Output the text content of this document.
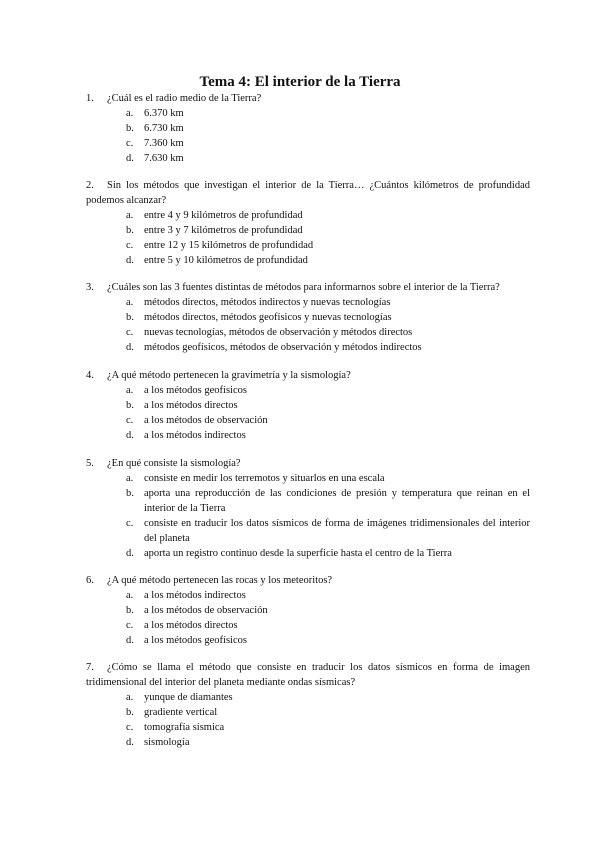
Tema 4: El interior de la Tierra
1. ¿Cuál es el radio medio de la Tierra?
a. 6.370 km
b. 6.730 km
c. 7.360 km
d. 7.630 km
2.	Sin los métodos que investigan el interior de la Tierra… ¿Cuántos kilómetros de profundidad podemos alcanzar?
a. entre 4 y 9 kilómetros de profundidad
b. entre 3 y 7 kilómetros de profundidad
c. entre 12 y 15 kilómetros de profundidad
d. entre 5 y 10 kilómetros de profundidad
3. ¿Cuáles son las 3 fuentes distintas de métodos para informarnos sobre el interior de la Tierra?
a. métodos directos, métodos indirectos y nuevas tecnologías
b. métodos directos, métodos geofísicos y nuevas tecnologías
c. nuevas tecnologías, métodos de observación y métodos directos
d. métodos geofísicos, métodos de observación y métodos indirectos
4. ¿A qué método pertenecen la gravimetría y la sismología?
a. a los métodos geofísicos
b. a los métodos directos
c. a los métodos de observación
d. a los métodos indirectos
5. ¿En qué consiste la sismología?
a. consiste en medir los terremotos y situarlos en una escala
b. aporta una reproducción de las condiciones de presión y temperatura que reinan en el interior de la Tierra
c. consiste en traducir los datos sísmicos de forma de imágenes tridimensionales del interior del planeta
d. aporta un registro continuo desde la superficie hasta el centro de la Tierra
6. ¿A qué método pertenecen las rocas y los meteoritos?
a. a los métodos indirectos
b. a los métodos de observación
c. a los métodos directos
d. a los métodos geofísicos
7.	¿Cómo se llama el método que consiste en traducir los datos sísmicos en forma de imagen tridimensional del interior del planeta mediante ondas sísmicas?
a. yunque de diamantes
b. gradiente vertical
c. tomografía sísmica
d. sismología
